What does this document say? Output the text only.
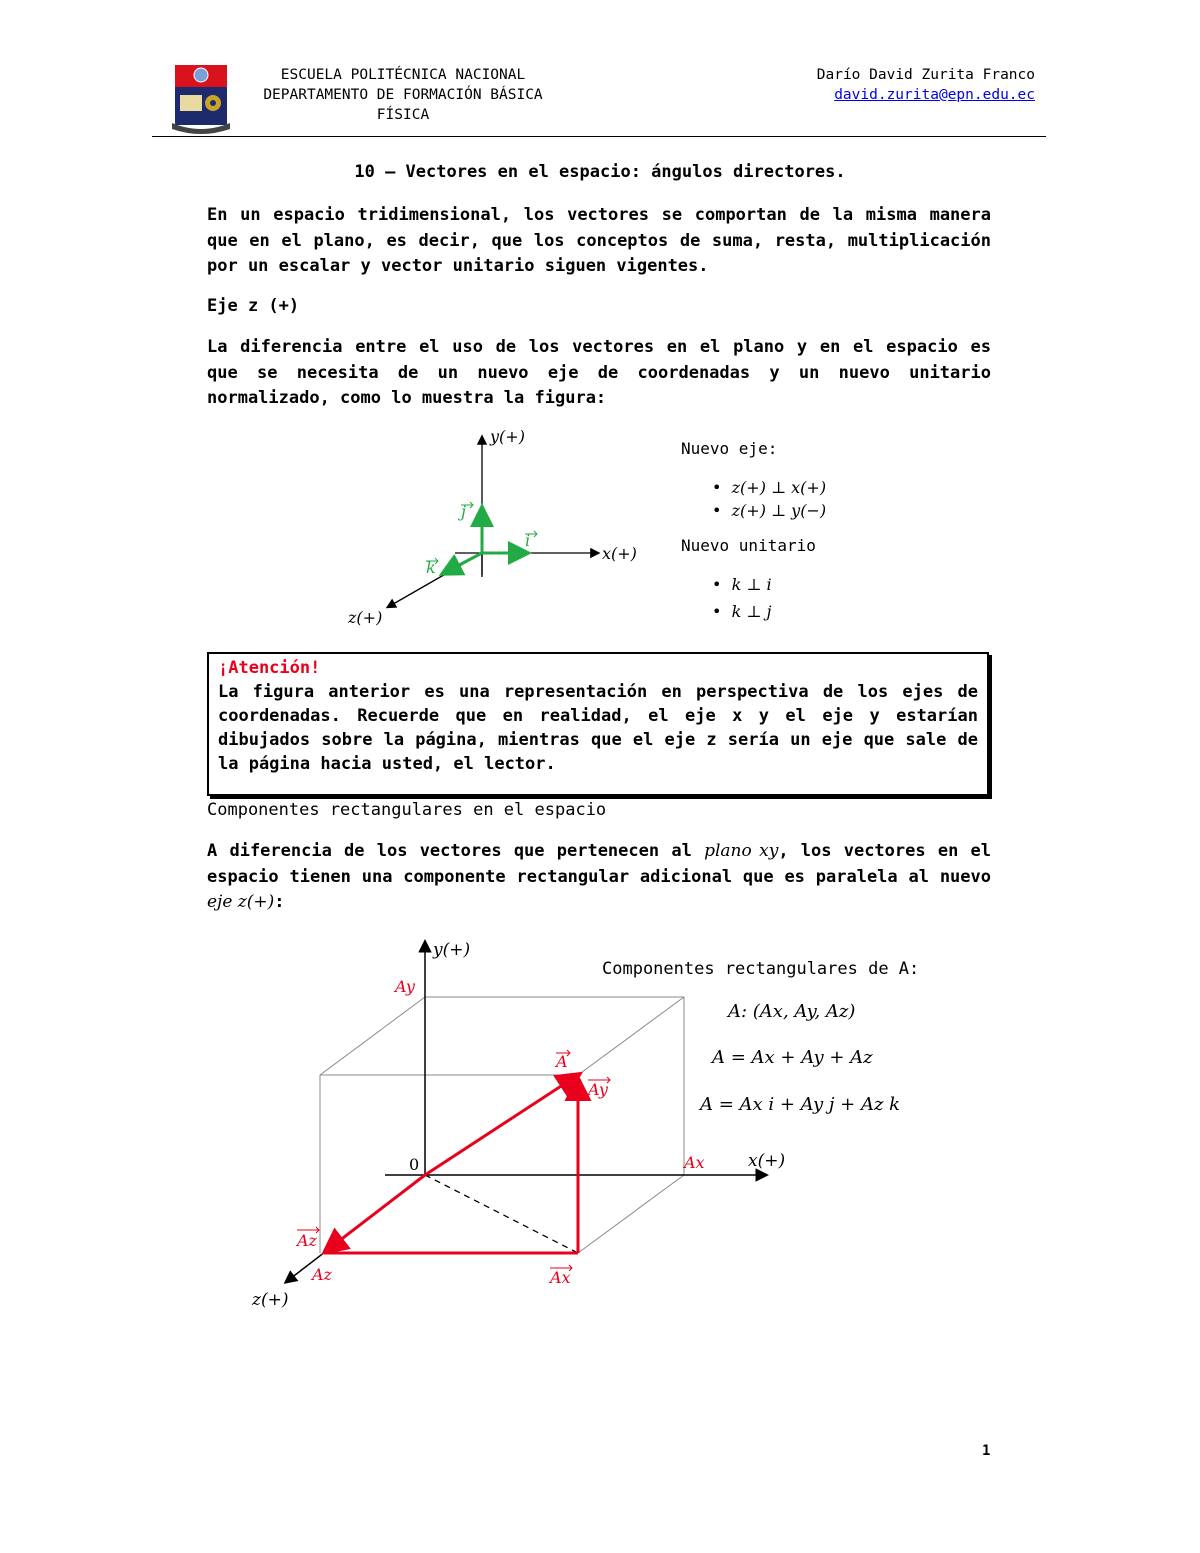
ESCUELA POLITÉCNICA NACIONAL
DEPARTAMENTO DE FORMACIÓN BÁSICA
FÍSICA
Darío David Zurita Franco
david.zurita@epn.edu.ec
10 – Vectores en el espacio: ángulos directores.
En un espacio tridimensional, los vectores se comportan de la misma manera que en el plano, es decir, que los conceptos de suma, resta, multiplicación por un escalar y vector unitario siguen vigentes.
Eje z (+)
La diferencia entre el uso de los vectores en el plano y en el espacio es que se necesita de un nuevo eje de coordenadas y un nuevo unitario normalizado, como lo muestra la figura:
y(+)
x(+)
z(+)
j
i
k
Nuevo eje:
•  z(+) ⊥ x(+)
•  z(+) ⊥ y(−)
Nuevo unitario
•  k ⊥ i
•  k ⊥ j
¡Atención!
La figura anterior es una representación en perspectiva de los ejes de coordenadas. Recuerde que en realidad, el eje x y el eje y estarían dibujados sobre la página, mientras que el eje z sería un eje que sale de la página hacia usted, el lector.
Componentes rectangulares en el espacio
A diferencia de los vectores que pertenecen al plano xy, los vectores en el espacio tienen una componente rectangular adicional que es paralela al nuevo eje z(+):
y(+)
x(+)
z(+)
0
Ay
Ax
Az
A
Ay
Ax
Az
Componentes rectangulares de A:
A: (Ax, Ay, Az)
A = Ax + Ay + Az
A = Ax i + Ay j + Az k
1
